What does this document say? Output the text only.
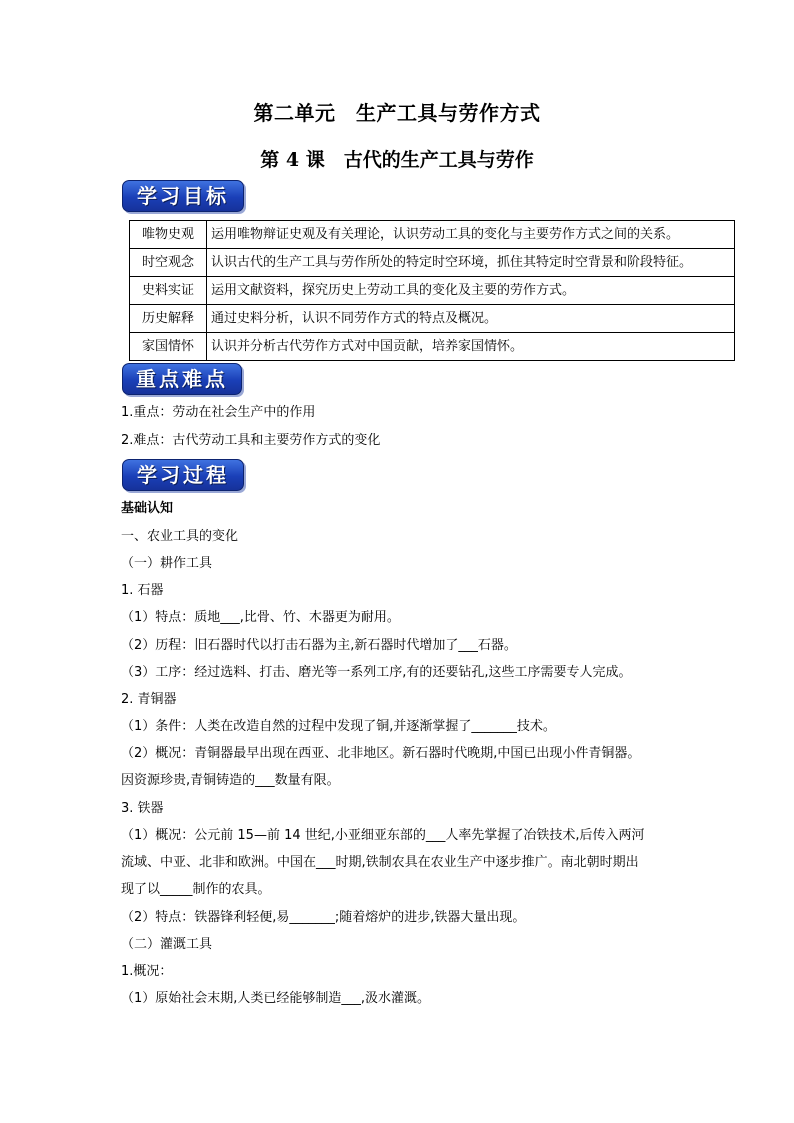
第二单元　生产工具与劳作方式
第 4 课　古代的生产工具与劳作
学习目标
唯物史观	运用唯物辩证史观及有关理论，认识劳动工具的变化与主要劳作方式之间的关系。
时空观念	认识古代的生产工具与劳作所处的特定时空环境，抓住其特定时空背景和阶段特征。
史料实证	运用文献资料，探究历史上劳动工具的变化及主要的劳作方式。
历史解释	通过史料分析，认识不同劳作方式的特点及概况。
家国情怀	认识并分析古代劳作方式对中国贡献，培养家国情怀。
重点难点
1.重点：劳动在社会生产中的作用
2.难点：古代劳动工具和主要劳作方式的变化
学习过程
基础认知
一、农业工具的变化
（一）耕作工具
1. 石器
（1）特点：质地___,比骨、竹、木器更为耐用。
（2）历程：旧石器时代以打击石器为主,新石器时代增加了___石器。
（3）工序：经过选料、打击、磨光等一系列工序,有的还要钻孔,这些工序需要专人完成。
2. 青铜器
（1）条件：人类在改造自然的过程中发现了铜,并逐渐掌握了_______技术。
（2）概况：青铜器最早出现在西亚、北非地区。新石器时代晚期,中国已出现小件青铜器。
因资源珍贵,青铜铸造的___数量有限。
3. 铁器
（1）概况：公元前 15—前 14 世纪,小亚细亚东部的___人率先掌握了冶铁技术,后传入两河
流域、中亚、北非和欧洲。中国在___时期,铁制农具在农业生产中逐步推广。南北朝时期出
现了以_____制作的农具。
（2）特点：铁器锋利轻便,易_______;随着熔炉的进步,铁器大量出现。
（二）灌溉工具
1.概况：
（1）原始社会末期,人类已经能够制造___,汲水灌溉。
